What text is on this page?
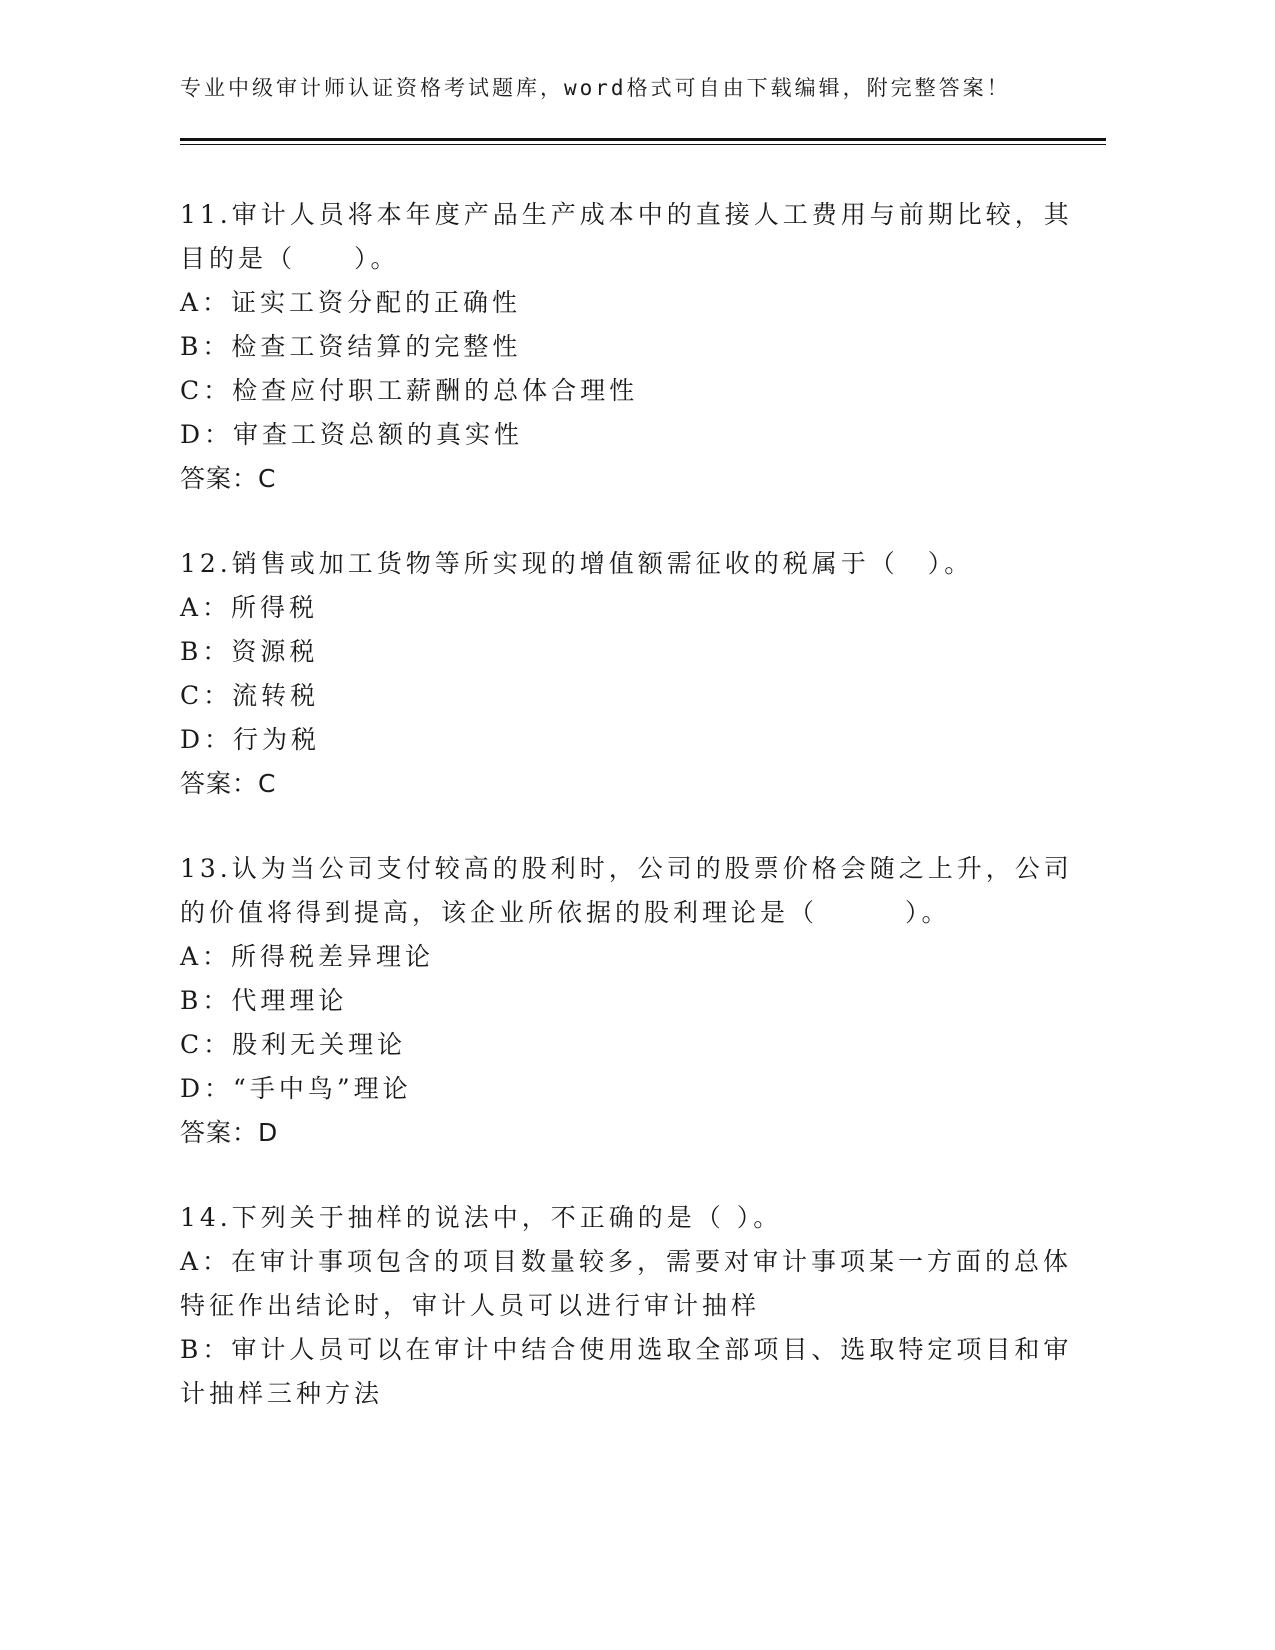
专业中级审计师认证资格考试题库，word格式可自由下载编辑，附完整答案！
11.审计人员将本年度产品生产成本中的直接人工费用与前期比较，其
目的是（　　）。
A：证实工资分配的正确性
B：检查工资结算的完整性
C：检查应付职工薪酬的总体合理性
D：审查工资总额的真实性
答案：C
12.销售或加工货物等所实现的增值额需征收的税属于（　）。
A：所得税
B：资源税
C：流转税
D：行为税
答案：C
13.认为当公司支付较高的股利时，公司的股票价格会随之上升，公司
的价值将得到提高，该企业所依据的股利理论是（　　　）。
A：所得税差异理论
B：代理理论
C：股利无关理论
D：“手中鸟”理论
答案：D
14.下列关于抽样的说法中，不正确的是（ ）。
A：在审计事项包含的项目数量较多，需要对审计事项某一方面的总体
特征作出结论时，审计人员可以进行审计抽样
B：审计人员可以在审计中结合使用选取全部项目、选取特定项目和审
计抽样三种方法
